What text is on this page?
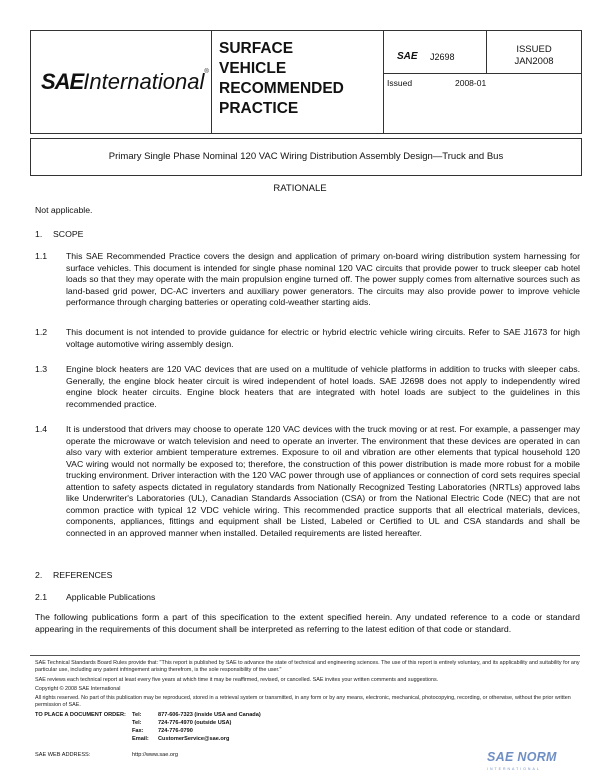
SAEInternational®
SURFACE
VEHICLE
RECOMMENDED
PRACTICE
SAE J2698
ISSUED
JAN2008
Issued	2008-01
Primary Single Phase Nominal 120 VAC Wiring Distribution Assembly Design—Truck and Bus
RATIONALE
Not applicable.
1. SCOPE
1.1 This SAE Recommended Practice covers the design and application of primary on-board wiring distribution system harnessing for surface vehicles. This document is intended for single phase nominal 120 VAC circuits that provide power to truck sleeper cab hotel loads so that they may operate with the main propulsion engine turned off. The power supply comes from alternative sources such as land-based grid power, DC-AC inverters and auxiliary power generators. The circuits may also provide power to improve vehicle performance through charging batteries or operating cold-weather starting aids.
1.2 This document is not intended to provide guidance for electric or hybrid electric vehicle wiring circuits. Refer to SAE J1673 for high voltage automotive wiring assembly design.
1.3 Engine block heaters are 120 VAC devices that are used on a multitude of vehicle platforms in addition to trucks with sleeper cabs. Generally, the engine block heater circuit is wired independent of hotel loads. SAE J2698 does not apply to independently wired engine block heater circuits. Engine block heaters that are integrated with hotel loads are subject to the guidelines in this recommended practice.
1.4 It is understood that drivers may choose to operate 120 VAC devices with the truck moving or at rest. For example, a passenger may operate the microwave or watch television and need to operate an inverter. The environment that these devices are operated in can also vary with exterior ambient temperature extremes. Exposure to oil and vibration are other elements that typical household 120 VAC wiring would not normally be exposed to; therefore, the construction of this power distribution is made more robust for a mobile trucking environment. Driver interaction with the 120 VAC power through use of appliances or connection of cord sets requires special attention to safety aspects dictated in regulatory standards from Nationally Recognized Testing Laboratories (NRTLs) approved labs like Underwriter's Laboratories (UL), Canadian Standards Association (CSA) or from the National Electric Code (NEC) that are not common practice with typical 12 VDC vehicle wiring. This recommended practice supports that all electrical materials, devices, components, appliances, fittings and equipment shall be Listed, Labeled or Certified to UL and CSA standards and shall be connected in an approved manner when installed. Detailed requirements are listed hereafter.
2. REFERENCES
2.1 Applicable Publications
The following publications form a part of this specification to the extent specified herein. Any undated reference to a code or standard appearing in the requirements of this document shall be interpreted as referring to the latest edition of that code or standard.
SAE Technical Standards Board Rules provide that: "This report is published by SAE to advance the state of technical and engineering sciences. The use of this report is entirely voluntary, and its applicability and suitability for any particular use, including any patent infringement arising therefrom, is the sole responsibility of the user."
SAE reviews each technical report at least every five years at which time it may be reaffirmed, revised, or cancelled. SAE invites your written comments and suggestions.
Copyright © 2008 SAE International
All rights reserved. No part of this publication may be reproduced, stored in a retrieval system or transmitted, in any form or by any means, electronic, mechanical, photocopying, recording, or otherwise, without the prior written permission of SAE.
TO PLACE A DOCUMENT ORDER: Tel:	877-606-7323 (inside USA and Canada)
Tel:	724-776-4970 (outside USA)
Fax:	724-776-0790
Email: CustomerService@sae.org
SAE WEB ADDRESS:	http://www.sae.org	SAE NORM
INTERNATIONAL
